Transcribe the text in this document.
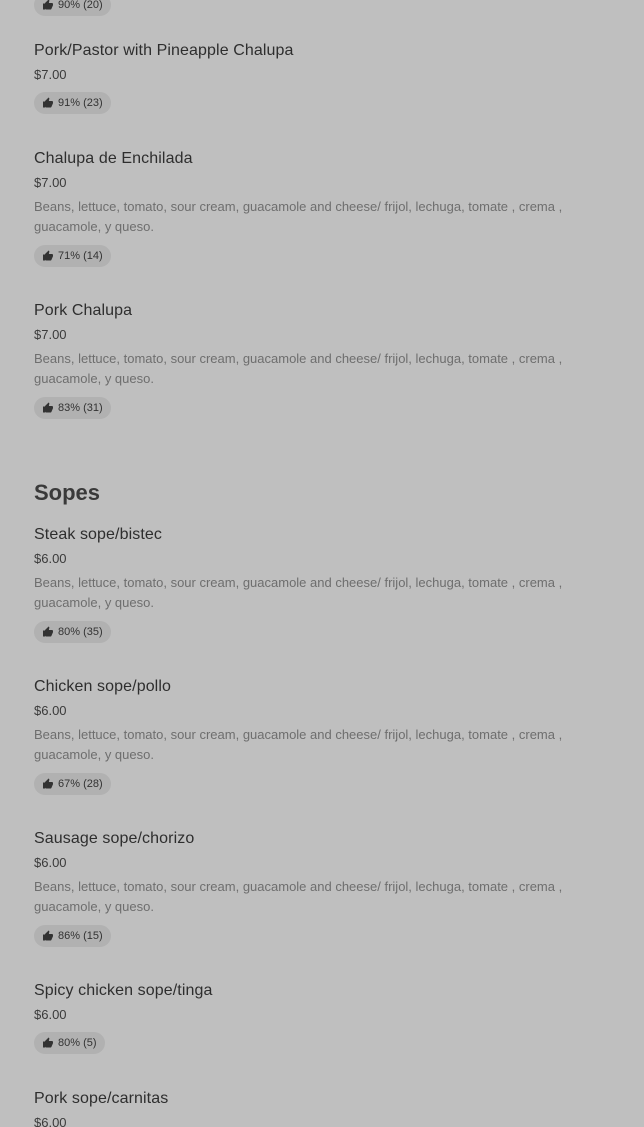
90% (20)
Pork/Pastor with Pineapple Chalupa
$7.00
91% (23)
Chalupa de Enchilada
$7.00
Beans, lettuce, tomato, sour cream, guacamole and cheese/ frijol, lechuga, tomate , crema , guacamole, y queso.
71% (14)
Pork Chalupa
$7.00
Beans, lettuce, tomato, sour cream, guacamole and cheese/ frijol, lechuga, tomate , crema , guacamole, y queso.
83% (31)
Sopes
Steak sope/bistec
$6.00
Beans, lettuce, tomato, sour cream, guacamole and cheese/ frijol, lechuga, tomate , crema , guacamole, y queso.
80% (35)
Chicken sope/pollo
$6.00
Beans, lettuce, tomato, sour cream, guacamole and cheese/ frijol, lechuga, tomate , crema , guacamole, y queso.
67% (28)
Sausage sope/chorizo
$6.00
Beans, lettuce, tomato, sour cream, guacamole and cheese/ frijol, lechuga, tomate , crema , guacamole, y queso.
86% (15)
Spicy chicken sope/tinga
$6.00
80% (5)
Pork sope/carnitas
$6.00
